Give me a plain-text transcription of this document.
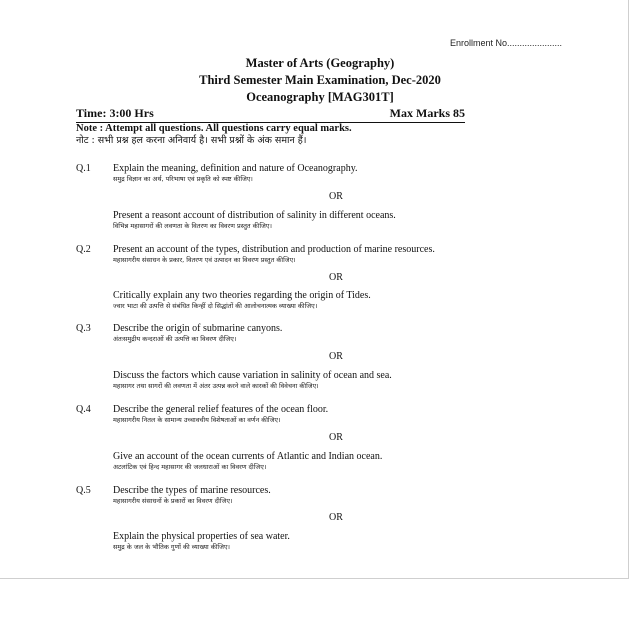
Enrollment No......................
Master of Arts (Geography)
Third Semester Main Examination, Dec-2020
Oceanography [MAG301T]
Time: 3:00 Hrs	Max Marks 85
Note : Attempt all questions. All questions carry equal marks.
नोट : सभी प्रश्न हल करना अनिवार्य है। सभी प्रश्नों के अंक समान हैं।
Q.1	Explain the meaning, definition and nature of Oceanography.
समुद्र विज्ञान का अर्थ, परिभाषा एवं प्रकृति को स्पष्ट कीजिए।
OR
Present a reasont account of distribution of salinity in different oceans.
विभिन्न महासागरों की लवणता के वितरण का विवरण प्रस्तुत कीजिए।
Q.2	Present an account of the types, distribution and production of marine resources.
महासागरीय संसाधन के प्रकार, वितरण एवं उत्पादन का विवरण प्रस्तुत कीजिए।
OR
Critically explain any two theories regarding the origin of Tides.
ज्वार भाटा की उत्पत्ति से संबंधित किन्हीं दो सिद्धांतों की आलोचनात्मक व्याख्या कीजिए।
Q.3	Describe the origin of submarine canyons.
अंतःसमुद्रीय कन्दराओं की उत्पत्ति का विवरण दीजिए।
OR
Discuss the factors which cause variation in salinity of ocean and sea.
महासागर तथा सागरों की लवणता में अंतर उत्पन्न करने वाले कारकों की विवेचना कीजिए।
Q.4	Describe the general relief features of the ocean floor.
महासागरीय नितल के सामान्य उच्चावचीय विशेषताओं का वर्णन कीजिए।
OR
Give an account of the ocean currents of Atlantic and Indian ocean.
अटलांटिक एवं हिन्द महासागर की जलधाराओं का विवरण दीजिए।
Q.5	Describe the types of marine resources.
महासागरीय संसाधनों के प्रकारों का विवरण दीजिए।
OR
Explain the physical properties of sea water.
समुद्र के जल के भौतिक गुणों की व्याख्या कीजिए।
